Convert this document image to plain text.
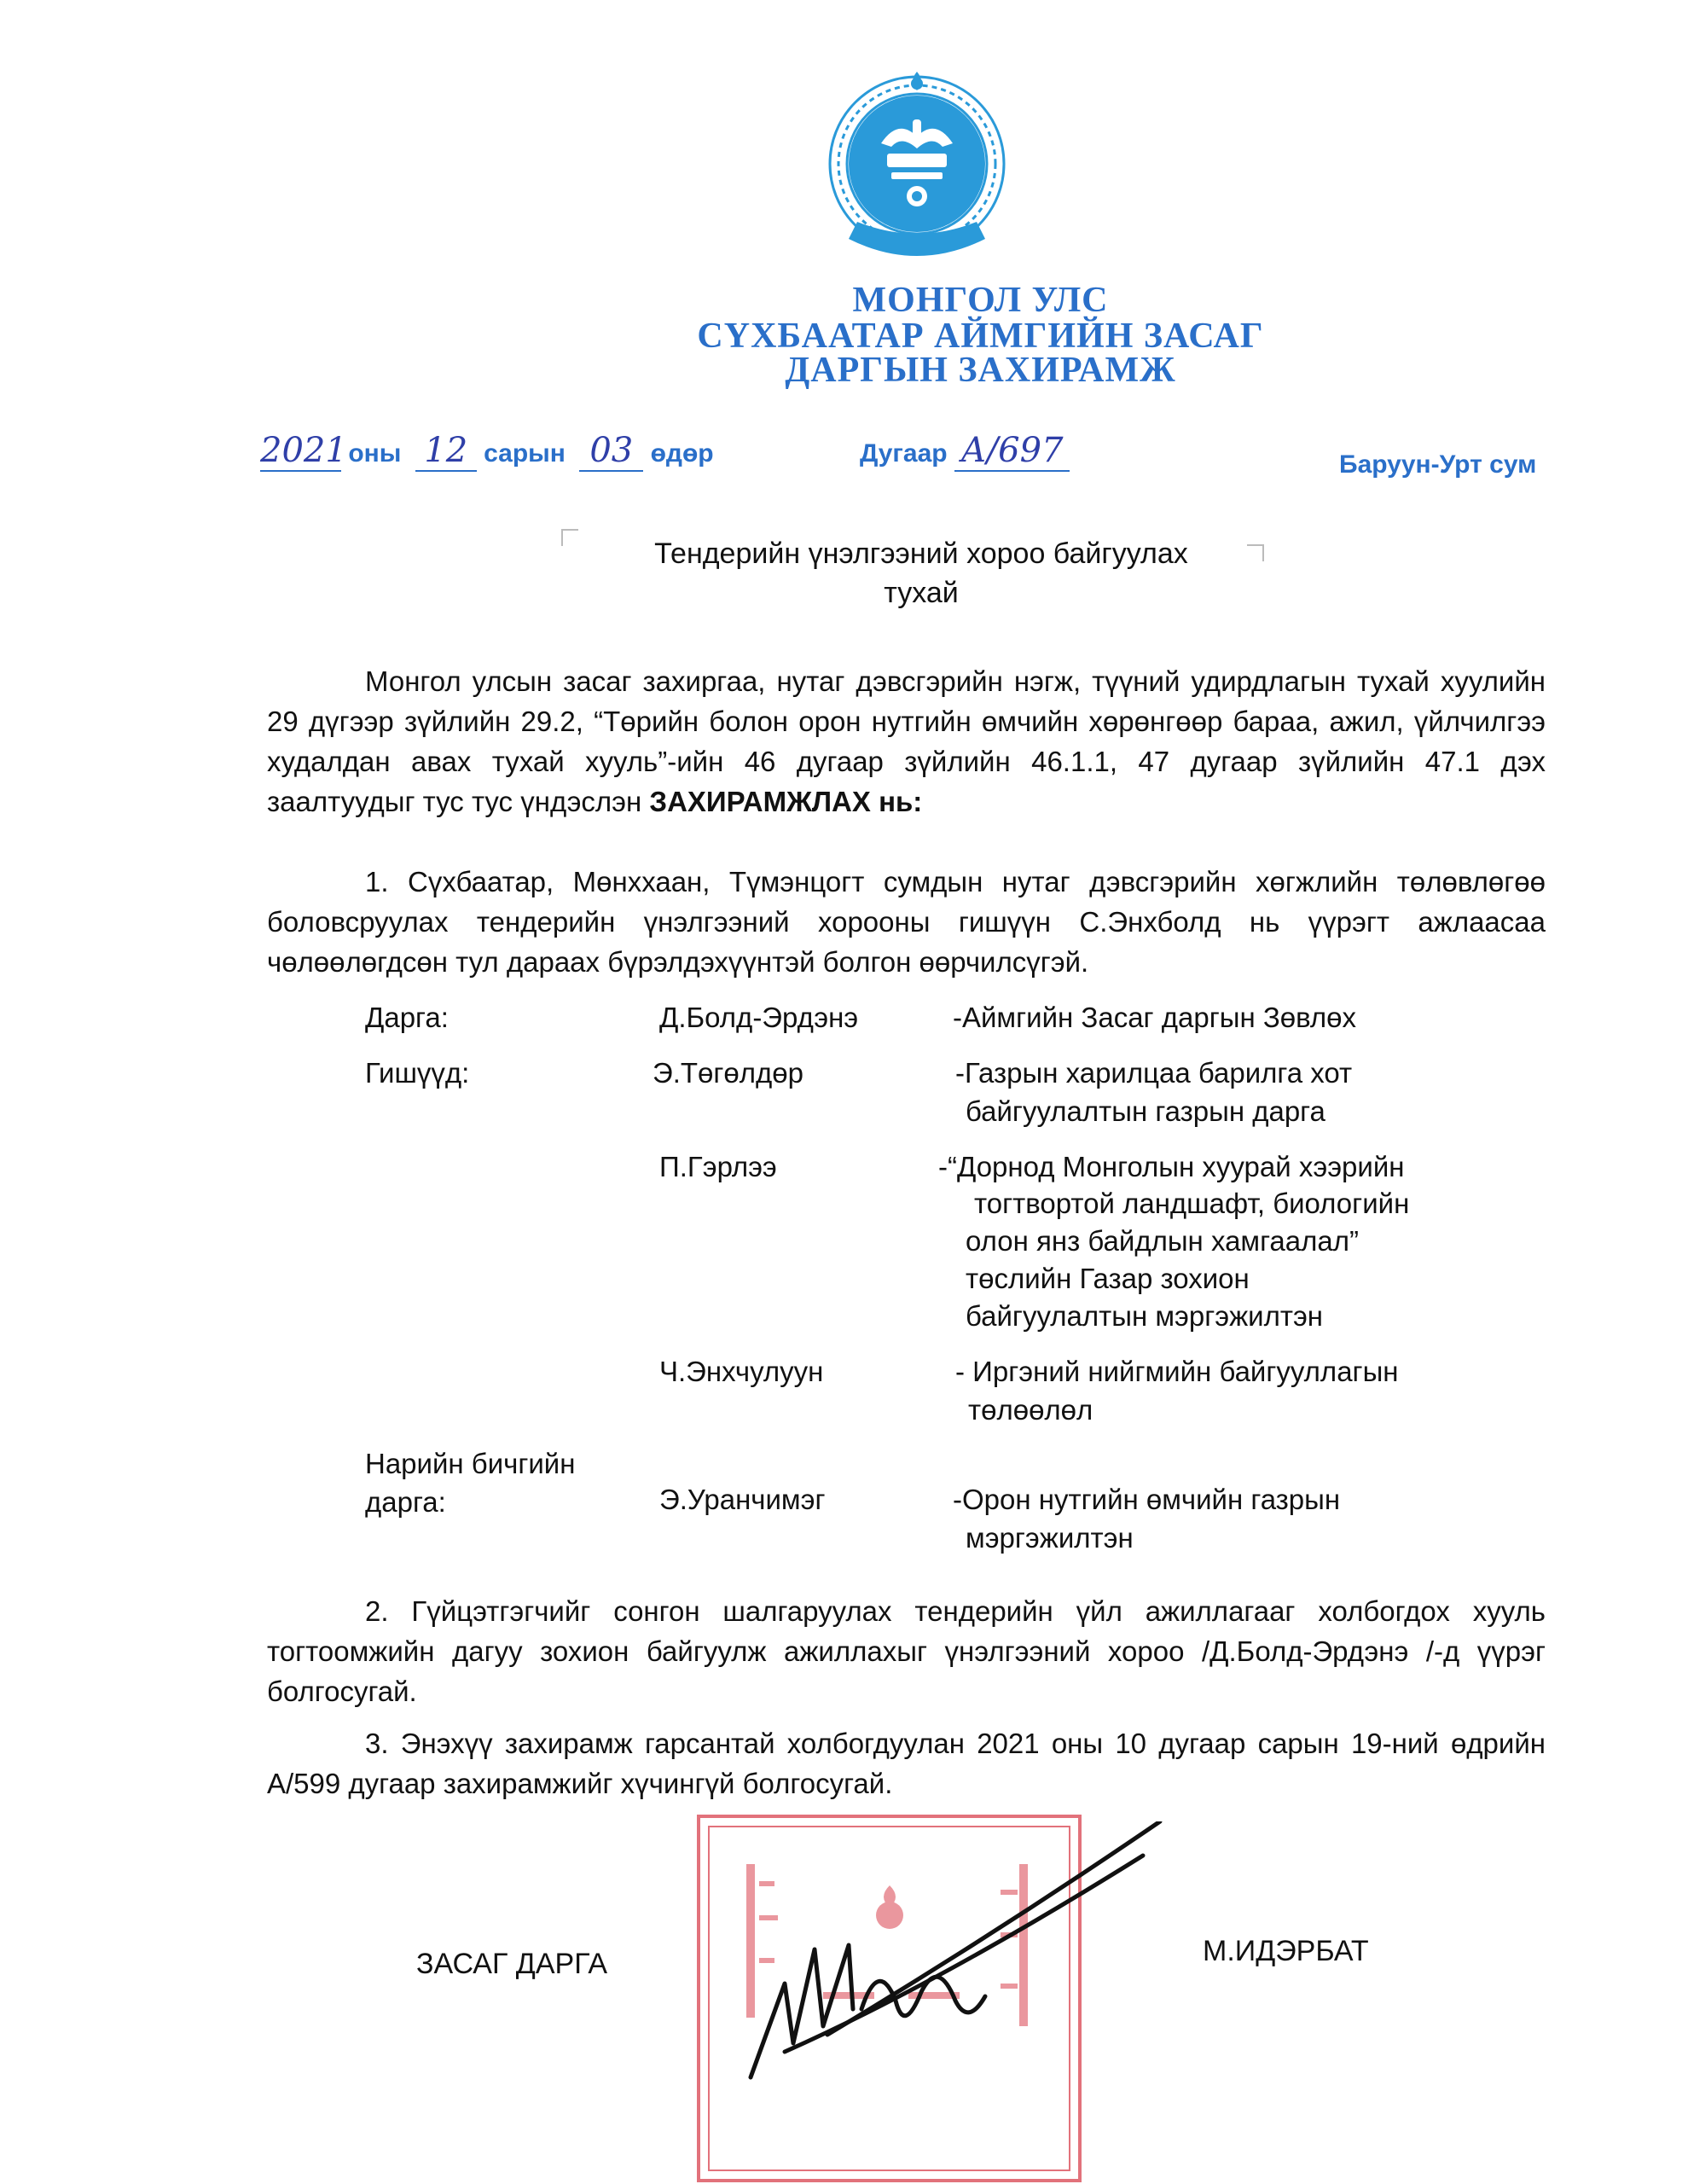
МОНГОЛ УЛС
СҮХБААТАР АЙМГИЙН ЗАСАГ
ДАРГЫН ЗАХИРАМЖ
2021 оны 12 сарын 03 өдөр	Дугаар А/697	Баруун-Урт сум
Тендерийн үнэлгээний хороо байгуулах
тухай
Монгол улсын засаг захиргаа, нутаг дэвсгэрийн нэгж, түүний удирдлагын тухай хуулийн 29 дүгээр зүйлийн 29.2, “Төрийн болон орон нутгийн өмчийн хөрөнгөөр бараа, ажил, үйлчилгээ худалдан авах тухай хууль”-ийн 46 дугаар зүйлийн 46.1.1, 47 дугаар зүйлийн 47.1 дэх заалтуудыг тус тус үндэслэн ЗАХИРАМЖЛАХ нь:
1. Сүхбаатар, Мөнххаан, Түмэнцогт сумдын нутаг дэвсгэрийн хөгжлийн төлөвлөгөө боловсруулах тендерийн үнэлгээний хорооны гишүүн С.Энхболд нь үүрэгт ажлаасаа чөлөөлөгдсөн тул дараах бүрэлдэхүүнтэй болгон өөрчилсүгэй.
Дарга:	Д.Болд-Эрдэнэ	-Аймгийн Засаг даргын Зөвлөх
Гишүүд:	Э.Төгөлдөр	-Газрын харилцаа барилга хот
байгуулалтын газрын дарга
П.Гэрлээ	-“Дорнод Монголын хуурай хээрийн
тогтвортой ландшафт, биологийн
олон янз байдлын хамгаалал”
төслийн Газар зохион
байгуулалтын мэргэжилтэн
Ч.Энхчулуун	- Иргэний нийгмийн байгууллагын
төлөөлөл
Нарийн бичгийн
дарга:	Э.Уранчимэг	-Орон нутгийн өмчийн газрын
мэргэжилтэн
2. Гүйцэтгэгчийг сонгон шалгаруулах тендерийн үйл ажиллагааг холбогдох хууль тогтоомжийн дагуу зохион байгуулж ажиллахыг үнэлгээний хороо /Д.Болд-Эрдэнэ /-д үүрэг болгосугай.
3. Энэхүү захирамж гарсантай холбогдуулан 2021 оны 10 дугаар сарын 19-ний өдрийн А/599 дугаар захирамжийг хүчингүй болгосугай.
ЗАСАГ ДАРГА	М.ИДЭРБАТ
